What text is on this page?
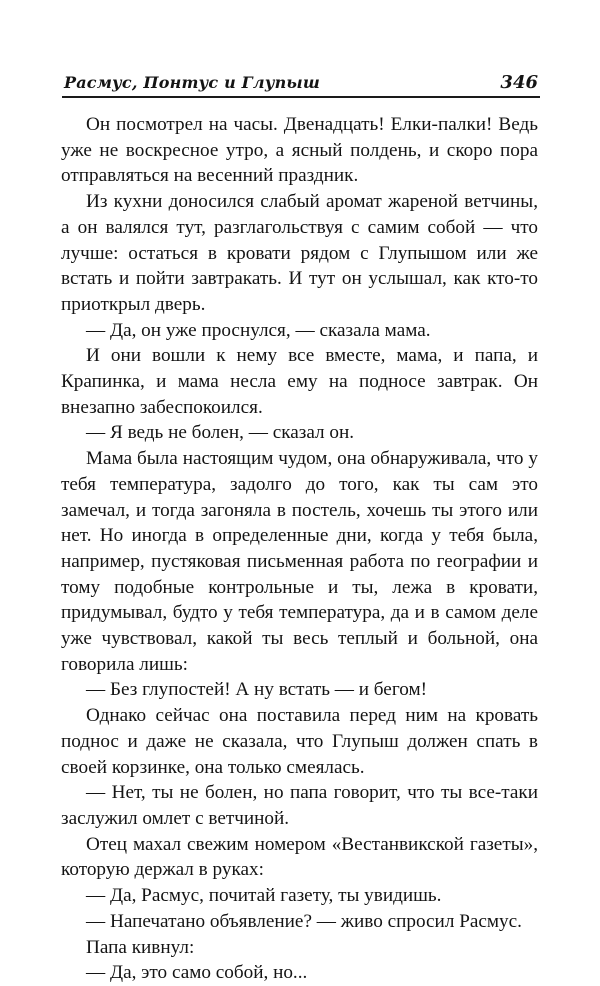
Расмус, Понтус и Глупыш	346

Он посмотрел на часы. Двенадцать! Елки-палки! Ведь уже не воскресное утро, а ясный полдень, и скоро пора отправляться на весенний праздник.

Из кухни доносился слабый аромат жареной ветчины, а он валялся тут, разглагольствуя с самим собой — что лучше: остаться в кровати рядом с Глупышом или же встать и пойти завтракать. И тут он услышал, как кто-то приоткрыл дверь.

— Да, он уже проснулся, — сказала мама.

И они вошли к нему все вместе, мама, и папа, и Крапинка, и мама несла ему на подносе завтрак. Он внезапно забеспокоился.

— Я ведь не болен, — сказал он.

Мама была настоящим чудом, она обнаруживала, что у тебя температура, задолго до того, как ты сам это замечал, и тогда загоняла в постель, хочешь ты этого или нет. Но иногда в определенные дни, когда у тебя была, например, пустяковая письменная работа по географии и тому подобные контрольные и ты, лежа в кровати, придумывал, будто у тебя температура, да и в самом деле уже чувствовал, какой ты весь теплый и больной, она говорила лишь:

— Без глупостей! А ну встать — и бегом!

Однако сейчас она поставила перед ним на кровать поднос и даже не сказала, что Глупыш должен спать в своей корзинке, она только смеялась.

— Нет, ты не болен, но папа говорит, что ты все-таки заслужил омлет с ветчиной.

Отец махал свежим номером «Вестанвикской газеты», которую держал в руках:

— Да, Расмус, почитай газету, ты увидишь.

— Напечатано объявление? — живо спросил Расмус.

Папа кивнул:

— Да, это само собой, но...
